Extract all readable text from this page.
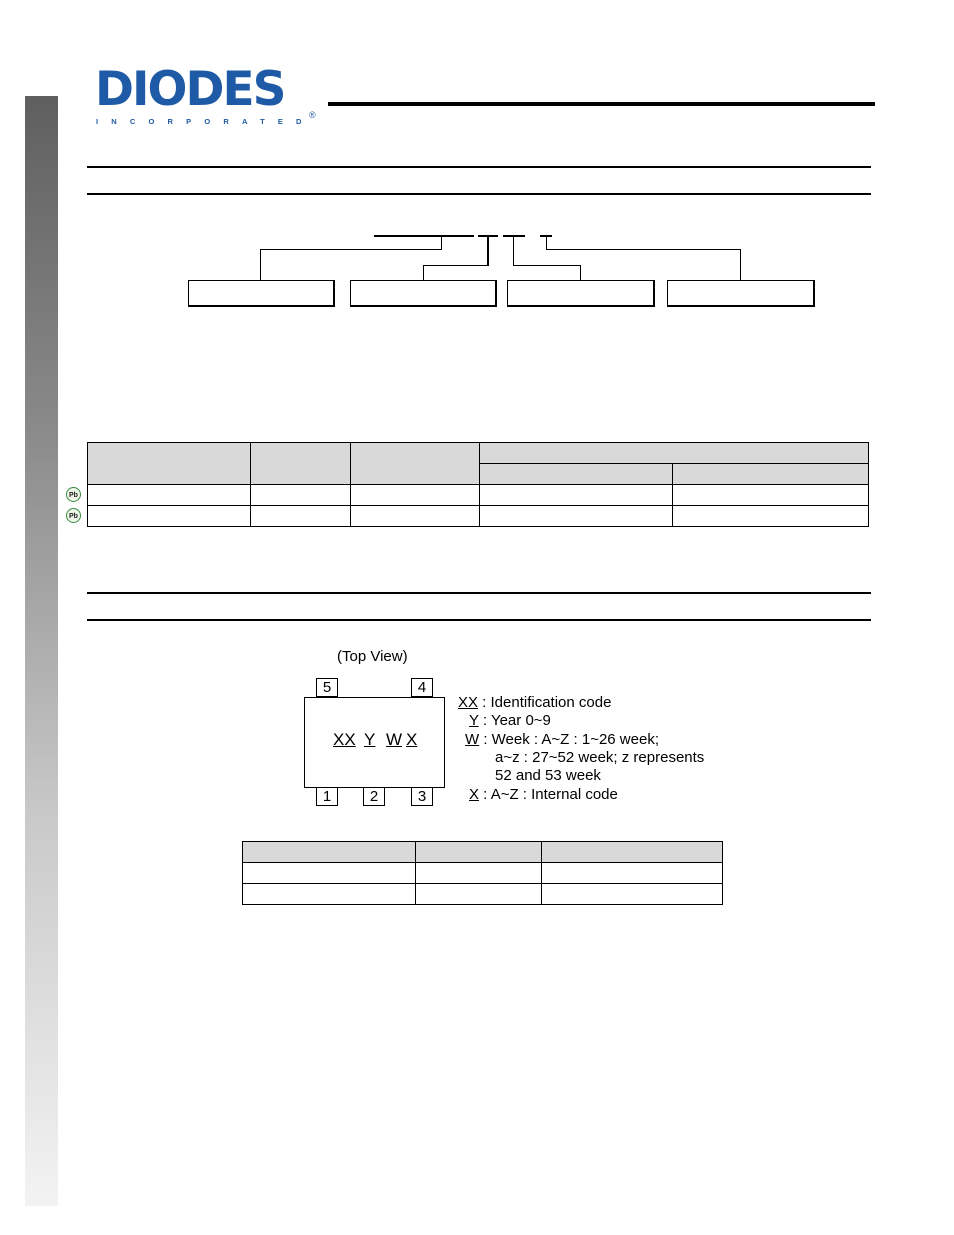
DIODES
INCORPORATED
®

Pb
Pb
(Top View)
5	4
1	2	3
XX Y W X
XX : Identification code
Y : Year 0~9
W : Week : A~Z : 1~26 week;
a~z : 27~52 week; z represents
52 and 53 week
X : A~Z : Internal code
